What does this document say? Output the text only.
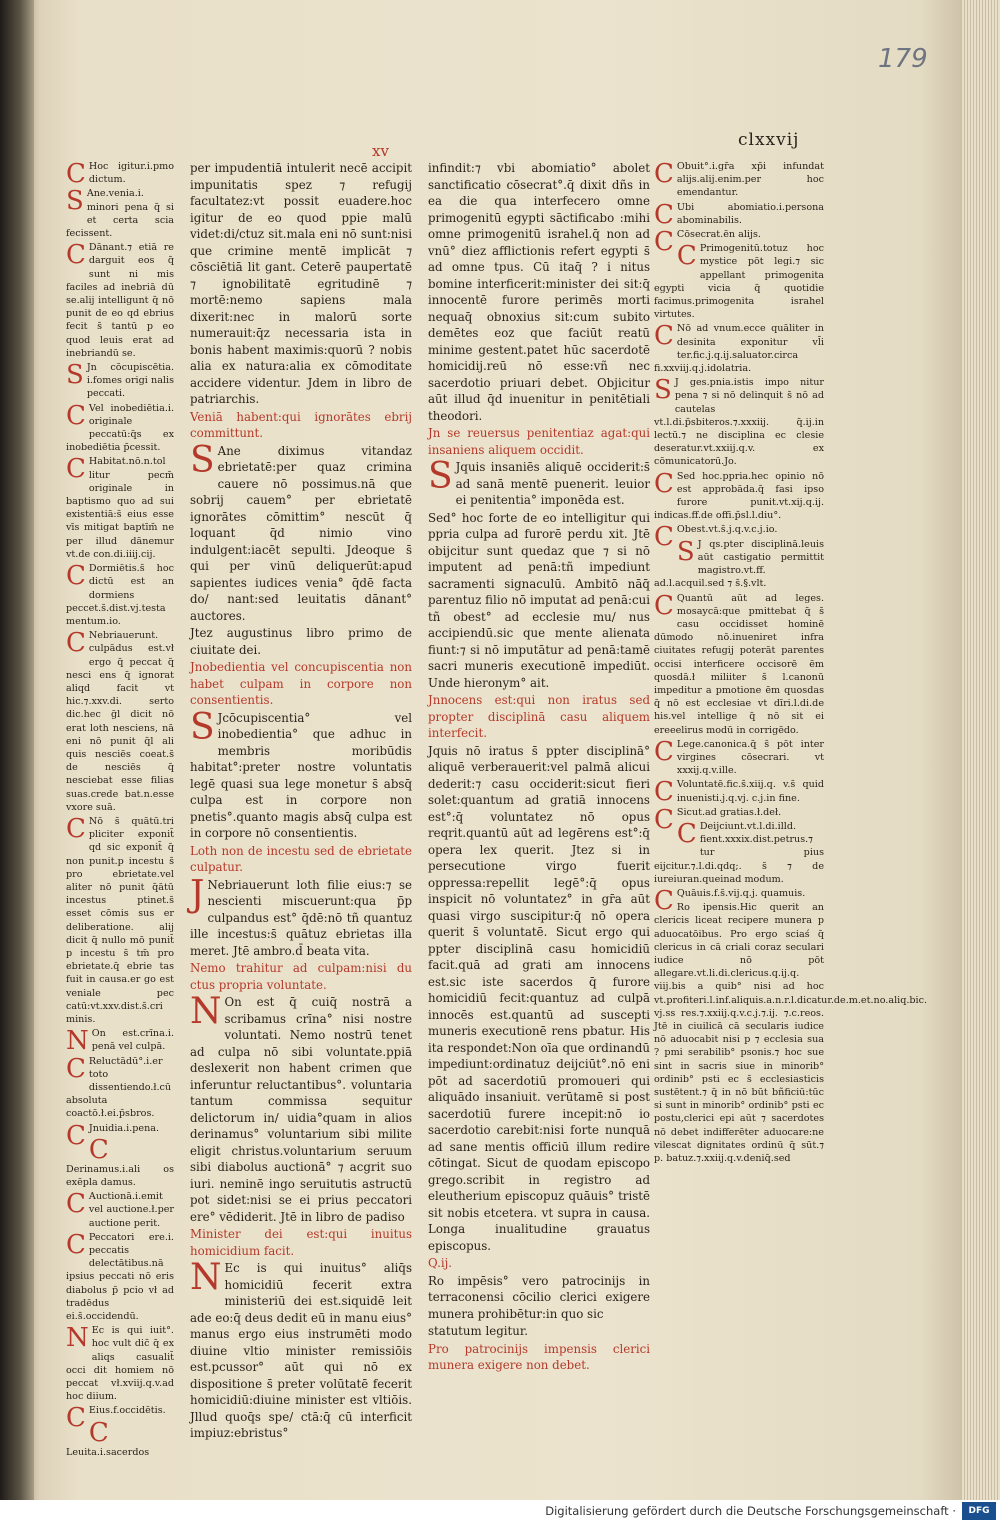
179
xv
clxxvij

C Hoc igitur.i.pmo dictum.

S Ane.venia.i. minori pena q̄ si et certa scia fecissent.

C Dānant.⁊ etiā re darguit eos q̄ sunt ni mis faciles ad inebriā dū se.alij intelligunt q̄ nō punit de eo qd ebrius fecit s̄ tantū p eo quod leuis erat ad inebriandū se.

S Jn cōcupiscētia. i.fomes origi nalis peccati.

C Vel inobediētia.i. originale peccatū:q̄s ex inobediētia p̄cessit.

C Habitat.nō.n.tol litur pecm̄ originale in baptismo quo ad sui existentiā:s̄ eius esse vīs mitigat baptīm̄ ne per illud dānemur vt.de con.di.iiij.cij.

C Dormiētis.s̄ hoc dictū est an dormiens peccet.s̄.dist.vj.testa mentum.io.

C Nebriauerunt. culpādus est.vł ergo q̄ peccat q̄ nesci ens q̄ ignorat aliqd facit vt hic.⁊.xxv.di. serto dic.hec ḡl dicit nō erat loth nesciens, nā eni nō punit q̄l ali quis nesciēs coeat.s̄ de nesciēs q̄ nesciebat esse filias suas.crede bat.n.esse vxore suā.

C Nō s̄ quātū.tri pliciter exponit̄ qd sic exponit̄ q̄ non punit.p incestu s̄ pro ebrietate.vel aliter nō punit q̄ātū incestus ptinet.s̄ esset cōmis sus er deliberatione. alij dicit q̄ nullo mō punit̄ p incestu s̄ tm̄ pro ebrietate.q̄ ebrie tas fuit in causa.er go est veniale pec catū:vt.xxv.dist.s̄.cri minis.

N On est.crīna.i. penā vel culpā.

C Reluctādū°.i.er toto dissentiendo.ł.cū absoluta coactō.ł.ei.p̄sbros.

C Jnuidia.i.pena.

C
Derinamus.i.ali os exēpla damus.

C Auctionā.i.emit vel auctione.ł.per auctione perit.

C Peccatori ere.i. peccatis delectātibus.nā ipsius peccati nō eris diabolus p̄ pcio vł ad tradēdus ei.s̄.occidendū.

N Ec is qui iuit°. hoc vult dic̄ q̄ ex aliqs casualit̄ occi dit homiem nō peccat vł.xviij.q.v.ad hoc diium.

C Eius.f.occidētis.

C
Leuita.i.sacerdos

per impudentiā intulerit necē accipit impunitatis spez ⁊ refugij facultatez:vt possit euadere.hoc igitur de eo quod ppie malū videt:di/ctuz sit.mala eni nō sunt:nisi que crimine mentē implicāt ⁊ cōsciētiā lit gant. Ceterē paupertatē ⁊ ignobilitatē egritudinē ⁊ mortē:nemo sapiens mala dixerit:nec in malorū sorte numerauit:q̄z necessaria ista in bonis habent maximis:quorū ? nobis alia ex natura:alia ex cōmoditate accidere videntur. Jdem in libro de patriarchis.

Veniā habent:qui ignorātes ebrij committunt.

S Ane diximus vitandaz ebrietatē:per quaz crimina cauere nō possimus.nā que sobrij cauem° per ebrietatē ignorātes cōmittim° nescūt q̄ loquant q̄d nimio vino indulgent:iacēt sepulti. Jdeoque s̄ qui per vinū deliquerūt:apud sapientes iudices venia° q̄dē facta do/ nant:sed leuitatis dānant° auctores.

Jtez augustinus libro primo de ciuitate dei.

Jnobedientia vel concupiscentia non habet culpam in corpore non consentientis.

S Jcōcupiscentia° vel inobedientia° que adhuc in membris moribūdis habitat°:preter nostre voluntatis legē quasi sua lege monetur s̄ absq̄ culpa est in corpore non pnetis°.quanto magis absq̄ culpa est in corpore nō consentientis.

Loth non de incestu sed de ebrietate culpatur.

J Nebriauerunt loth filie eius:⁊ se nescienti miscuerunt:qua p̄p culpandus est° q̄dē:nō tñ quantuz ille incestus:s̄ quātuz ebrietas illa meret. Jtē ambro.d̄ beata vita.

Nemo trahitur ad culpam:nisi du ctus propria voluntate.

N On est q̄ cuiq̄ nostrā a scribamus crīna° nisi nostre voluntati. Nemo nostrū tenet ad culpa nō sibi voluntate.ppiā deslexerit non habent crimen que inferuntur reluctantibus°. voluntaria tantum commissa sequitur delictorum in/ uidia°quam in alios derinamus° voluntarium sibi milite eligit christus.voluntarium seruum sibi diabolus auctionā° ⁊ acgrit suo iuri. neminē ingo seruitutis astructū pot sidet:nisi se ei prius peccatori ere° vēdiderit. Jtē in libro de padiso

Minister dei est:qui inuitus homicidium facit.

N Ec is qui inuitus° aliq̄s homicidiū fecerit extra ministeriū dei est.siquidē leit ade eo:q̄ deus dedit eū in manu eius° manus ergo eius instrumēti modo diuine vltio minister remissiōis est.pcussor° aūt qui nō ex dispositione s̄ preter volūtatē fecerit homicidiū:diuine minister est vltiōis. Jllud quoq̄s spe/ ctā:q̄ cū interficit impiuz:ebristus°

infindit:⁊ vbi abomiatio° abolet sanctificatio cōsecrat°.q̄ dixit dñs in ea die qua interfecero omne primogenitū egypti sāctificabo :mihi omne primogenitū israhel.q̄ non ad vnū° diez afflictionis refert egypti s̄ ad omne tpus. Cū itaq̄ ? i nitus bomine interficerit:minister dei sit:q̄ innocentē furore perimēs morti nequaq̄ obnoxius sit:cum subito demētes eoz que faciūt reatū minime gestent.patet hūc sacerdotē homicidij.reū nō esse:vñ nec sacerdotio priuari debet. Objicitur aūt illud q̄d inuenitur in penitētiali theodori.

Jn se reuersus penitentiaz agat:qui insaniens aliquem occidit.

S Jquis insaniēs aliquē occiderit:s̄ ad sanā mentē puenerit. leuior ei penitentia° imponēda est.

Sed° hoc forte de eo intelligitur qui ppria culpa ad furorē perdu xit. Jtē obijcitur sunt quedaz que ⁊ si nō imputent ad penā:tñ impediunt sacramenti signaculū. Ambitō nāq̄ parentuz filio nō imputat ad penā:cui tñ obest° ad ecclesie mu/ nus accipiendū.sic que mente alienata fiunt:⁊ si nō imputātur ad penā:tamē sacri muneris executionē impediūt. Unde hieronym° ait.

Jnnocens est:qui non iratus sed propter disciplinā casu aliquem interfecit.

Jquis nō iratus s̄ ppter disciplinā° aliquē verberauerit:vel palmā alicui dederit:⁊ casu occiderit:sicut fieri solet:quantum ad gratiā innocens est°:q̄ voluntatez nō opus reqrit.quantū aūt ad legērens est°:q̄ opera lex querit. Jtez si in persecutione virgo fuerit oppressa:repellit legē°:q̄ opus inspicit nō voluntatez° in gr̄a aūt quasi virgo suscipitur:q̄ nō opera querit s̄ voluntatē. Sicut ergo qui ppter disciplinā casu homicidiū facit.quā ad grati am innocens est.sic iste sacerdos q̄ furore homicidiū fecit:quantuz ad culpā innocēs est.quantū ad suscepti muneris executionē rens pbatur. His ita respondet:Non oīa que ordinandū impediunt:ordinatuz deijciūt°.nō eni pōt ad sacerdotiū promoueri qui aliquādo insaniuit. verūtamē si post sacerdotiū furere incepit:nō io sacerdotio carebit:nisi forte nunquā ad sane mentis officiū illum redire cōtingat. Sicut de quodam episcopo grego.scribit in registro ad eleutherium episcopuz quāuis° tristē sit nobis etcetera. vt supra in causa. Longa inualitudine grauatus episcopus.

Q.ij.

Ro impēsis° vero patrocinijs in terraconensi cōcilio clerici exigere munera prohibētur:in quo sic

statutum legitur.

Pro patrocinijs impensis clerici munera exigere non debet.

C Obuit°.i.gr̄a xp̄i infundat alijs.alij.enim.per hoc emendantur.

C Ubi abomiatio.i.persona abominabilis.

C Cōsecrat.ēn alijs.

C Primogenitū.totuz hoc mystice pōt legi.⁊ sic appellant primogenita egypti vicia q̄ quotidie facimus.primogenita israhel virtutes.

C Nō ad vnum.ecce quāliter in desinita exponitur vl̄i ter.fic.j.q.ij.saluator.circa fi.xxviij.q.j.idolatria.

S J ges.pnia.istis impo nitur pena ⁊ si nō delinquit s̄ nō ad cautelas vt.l.di.p̄sbiteros.⁊.xxxiij. q̄.ij.in lectū.⁊ ne disciplina ec clesie deseratur.vt.xxiij.q.v. ex cōmunicatorū.Jo.

C Sed hoc.ppria.hec opinio nō est approbāda.q̄ fasi ipso furore punit.vt.xij.q.ij. indicas.ff.de offi.p̄sl.l.diu°.

C Obest.vt.s̄.j.q.v.c.j.io.

S J qs.pter disciplinā.leuis aūt castigatio permittit magistro.vt.ff. ad.l.acquil.sed ⁊ s̄.§.vlt.

C Quantū aūt ad leges. mosaycā:que pmittebat q̄ s̄ casu occidisset hominē dūmodo nō.inueniret infra ciuitates refugij poterāt parentes occisi interficere occisorē ēm quosdā.ł miliiter s̄ l.canonū impeditur a pmotione ēm quosdas q̄ nō est ecclesiae vt dīri.l.di.de his.vel intellige q̄ nō sit ei ereeelirus modū in corrigēdo.

C Lege.canonica.q̄ s̄ pōt inter virgines cōsecrari. vt xxxij.q.v.ille.

C Voluntatē.fic.s̄.xiij.q. v.s̄ quid inuenisti.j.q.vj. c.j.in fine.

C Sicut.ad gratias.ł.deł.

C Deijciunt.vt.l.di.illd. fient.xxxix.dist.petrus.⁊ tur pius eijcitur.⁊.l.di.qdq;. s̄ ⁊ de iureiuran.queinad modum.

C Quāuis.f.s̄.vij.q.j. quamuis.

Ro ipensis.Hic querit an clericis liceat recipere munera p aduocatōibus. Pro ergo sciaś q̄ clericus in cā criali coraz seculari iudice nō pōt allegare.vt.li.di.clericus.q.ij.q. viij.bis a quib° nisi ad hoc vt.profiteri.l.inf.aliquis.a.n.r.l.dicatur.de.m.et.no.aliq.bic. vj.ss res.⁊.xxiij.q.v.c.j.⁊.ij. ⁊.c.reos. Jtē in ciuilicā cā secularis iudice nō aduocabit nisi p ⁊ ecclesia sua ? pmi serabilib° psonis.⁊ hoc sue sint in sacris siue in minorib° ordinib° psti ec s̄ ecclesiasticis sustētent.⁊ q̄ in nō būt bñficiū:tūc si sunt in minorib° ordinib° psti ec postu,clerici epi aūt ⁊ sacerdotes nō debet indifferēter aduocare:ne vilescat dignitates ordinū q̄ sūt.⁊ p. batuz.⁊.xxiij.q.v.deniq̄.sed

Digitalisierung gefördert durch die Deutsche Forschungsgemeinschaft ·	DFG
